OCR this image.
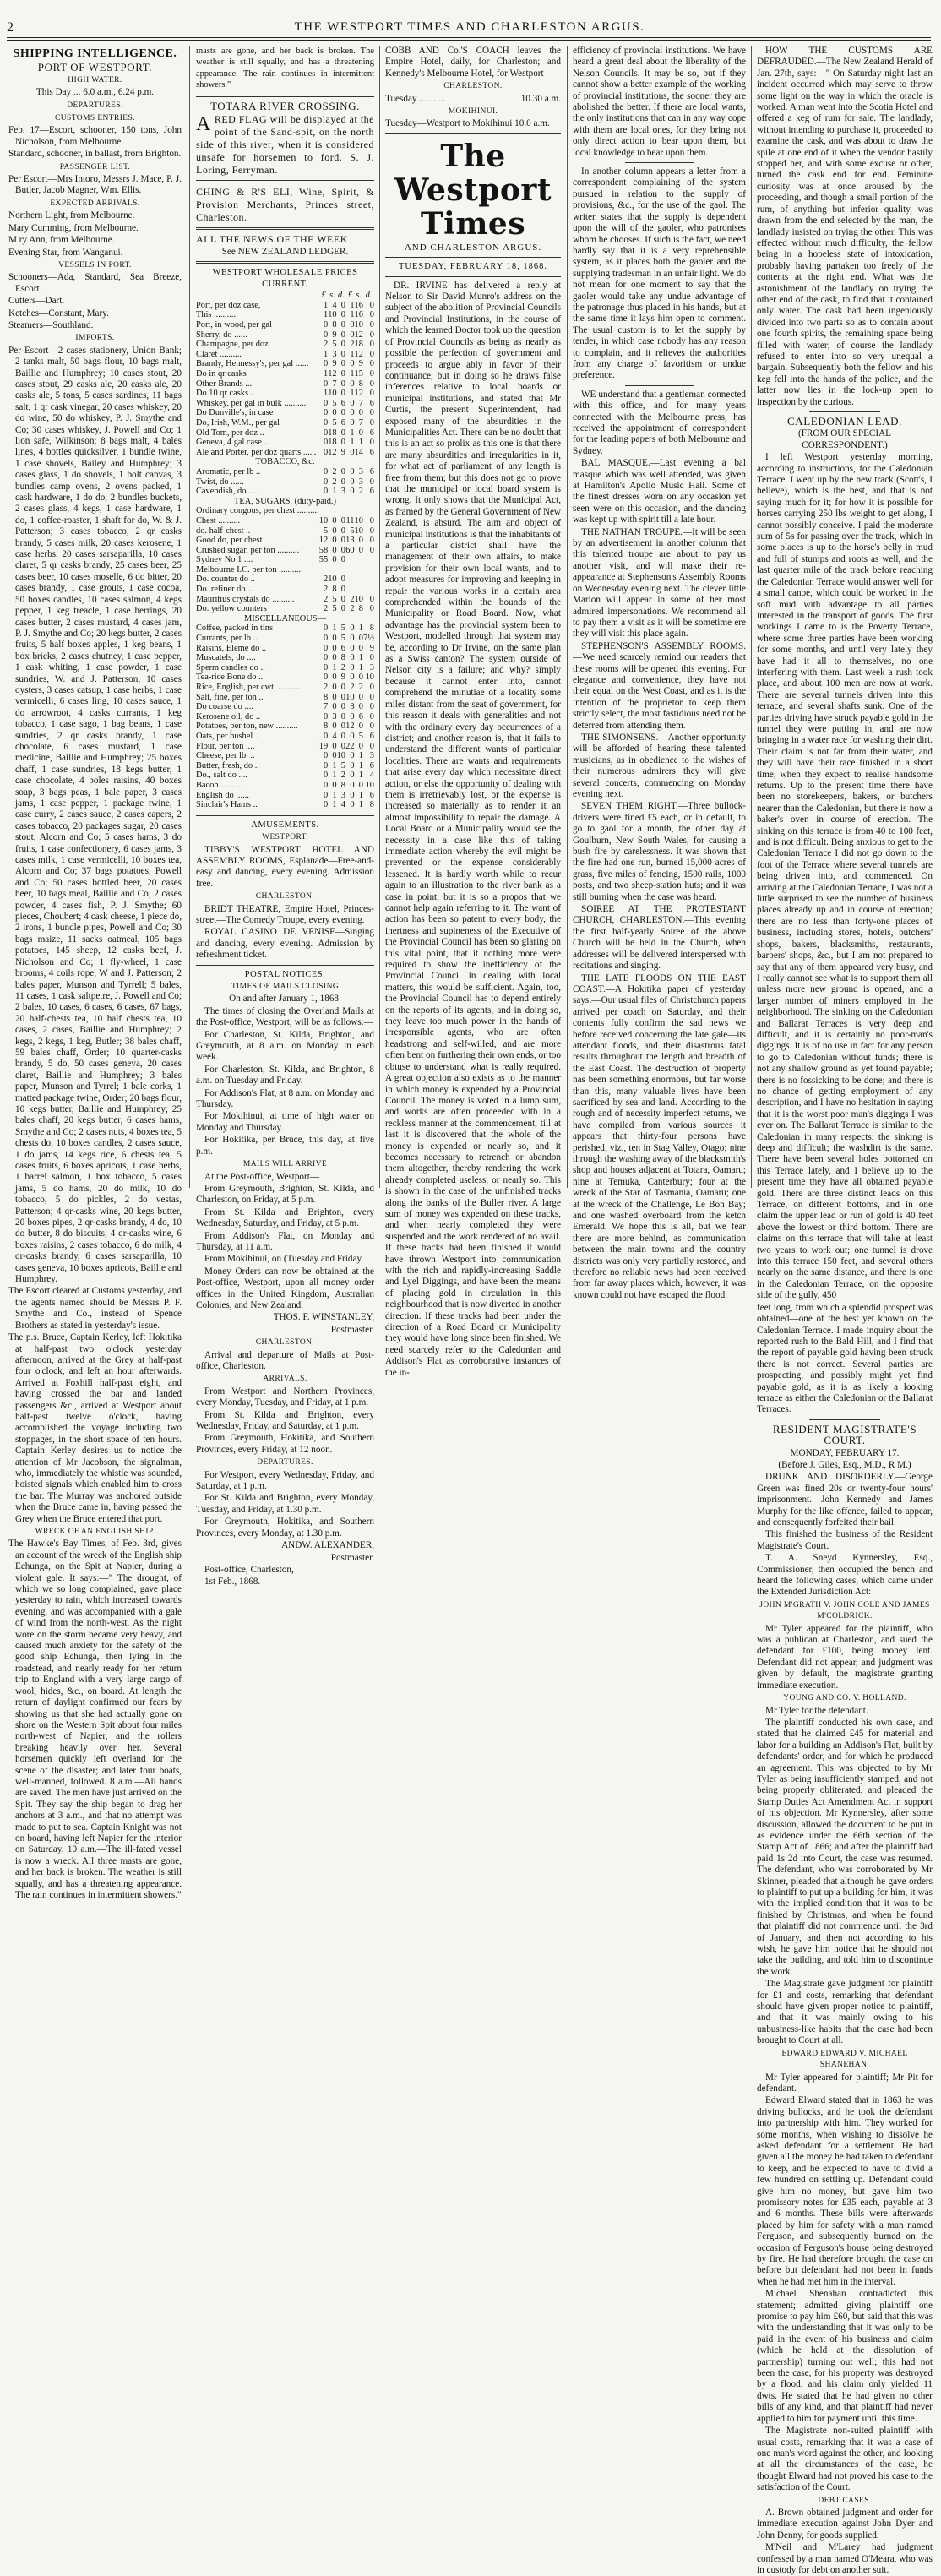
2	THE WESTPORT TIMES AND CHARLESTON ARGUS.
SHIPPING INTELLIGENCE.
PORT OF WESTPORT.
HIGH WATER.

This Day ... 6.0 a.m., 6.24 p.m.

DEPARTURES.
CUSTOMS ENTRIES.

Feb. 17—Escort, schooner, 150 tons, John Nicholson, from Melbourne.

Standard, schooner, in ballast, from Brighton.

PASSENGER LIST.

Per Escort—Mrs Intoro, Messrs J. Mace, P. J. Butler, Jacob Magner, Wm. Ellis.

EXPECTED ARRIVALS.

Northern Light, from Melbourne.

Mary Cumming, from Melbourne.

M ry Ann, from Melbourne.

Evening Star, from Wanganui.

VESSELS IN PORT.

Schooners—Ada, Standard, Sea Breeze, Escort.

Cutters—Dart.

Ketches—Constant, Mary.

Steamers—Southland.

IMPORTS.

Per Escort—2 cases stationery, Union Bank; 2 tanks malt, 50 bags flour, 10 bags malt, Baillie and Humphrey; 10 cases stout, 20 cases stout, 29 casks ale, 20 casks ale, 20 casks ale, 5 tons, 5 cases sardines, 11 bags salt, 1 qr cask vinegar, 20 cases whiskey, 20 do wine, 50 do whiskey, P. J. Smythe and Co; 30 cases whiskey, J. Powell and Co; 1 lion safe, Wilkinson; 8 bags malt, 4 bales lines, 4 bottles quicksilver, 1 bundle twine, 1 case shovels, Bailey and Humphrey; 3 cases glass, 1 do shovels, 1 bolt canvas, 3 bundles camp ovens, 2 ovens packed, 1 cask hardware, 1 do do, 2 bundles buckets, 2 cases glass, 4 kegs, 1 case hardware, 1 do, 1 coffee-roaster, 1 shaft for do, W. & J. Patterson; 3 cases tobacco, 2 qr casks brandy, 5 cases milk, 20 cases kerosene, 1 case herbs, 20 cases sarsaparilla, 10 cases claret, 5 qr casks brandy, 25 cases beer, 25 cases beer, 10 cases moselle, 6 do bitter, 20 cases brandy, 1 case grouts, 1 case cocoa, 50 boxes candles, 10 cases salmon, 4 kegs pepper, 1 keg treacle, 1 case herrings, 20 cases butter, 2 cases mustard, 4 cases jam, P. J. Smythe and Co; 20 kegs butter, 2 cases fruits, 5 half boxes apples, 1 keg beans, 1 box bricks, 2 cases chutney, 1 case pepper, 1 cask whiting, 1 case powder, 1 case sundries, W. and J. Patterson, 10 cases oysters, 3 cases catsup, 1 case herbs, 1 case vermicelli, 6 cases ling, 10 cases sauce, 1 do arrowroot, 4 casks currants, 1 keg tobacco, 1 case sago, 1 bag beans, 1 case sundries, 2 qr casks brandy, 1 case chocolate, 6 cases mustard, 1 case medicine, Baillie and Humphrey; 25 boxes chaff, 1 case sundries, 18 kegs butter, 1 case chocolate, 4 boles raisins, 40 boxes soap, 3 bags peas, 1 bale paper, 3 cases jams, 1 case pepper, 1 package twine, 1 case curry, 2 cases sauce, 2 cases capers, 2 cases tobacco, 20 packages sugar, 20 cases stout, Alcorn and Co; 5 cases hams, 3 do fruits, 1 case confectionery, 6 cases jams, 3 cases milk, 1 case vermicelli, 10 boxes tea, Alcorn and Co; 37 bags potatoes, Powell and Co; 50 cases bottled beer, 20 cases beer, 10 bags meal, Baillie and Co; 2 cases powder, 4 cases fish, P. J. Smythe; 60 pieces, Choubert; 4 cask cheese, 1 piece do, 2 irons, 1 bundle pipes, Powell and Co; 30 bags maize, 11 sacks oatmeal, 105 bags potatoes, 145 sheep, 12 casks beef, J. Nicholson and Co; 1 fly-wheel, 1 case brooms, 4 coils rope, W and J. Patterson; 2 bales paper, Munson and Tyrrell; 5 bales, 11 cases, 1 cask saltpetre, J. Powell and Co; 2 bales, 10 cases, 6 cases, 6 cases, 67 bags, 20 half-chests tea, 10 half chests tea, 10 cases, 2 cases, Baillie and Humphrey; 2 kegs, 2 kegs, 1 keg, Butler; 38 bales chaff, 59 bales chaff, Order; 10 quarter-casks brandy, 5 do, 50 cases genevа, 20 cases claret, Baillie and Humphrey; 3 bales paper, Munson and Tyrrel; 1 bale corks, 1 matted package twine, Order; 20 bags flour, 10 kegs butter, Baillie and Humphrey; 25 bales chaff, 20 kegs butter, 6 cases hams, Smythe and Co; 2 cases nuts, 4 boxes tea, 5 chests do, 10 boxes candles, 2 cases sauce, 1 do jams, 14 kegs rice, 6 chests tea, 5 cases fruits, 6 boxes apricots, 1 case herbs, 1 barrel salmon, 1 box tobacco, 5 cases jams, 5 do hams, 20 do milk, 10 do tobacco, 5 do pickles, 2 do vestas, Patterson; 4 qr-casks wine, 20 kegs butter, 20 boxes pipes, 2 qr-casks brandy, 4 do, 10 do butter, 8 do biscuits, 4 qr-casks wine, 6 boxes raisins, 2 cases tobacco, 6 do milk, 4 qr-casks brandy, 6 cases sarsaparilla, 10 cases geneva, 10 boxes apricots, Baillie and Humphrey.

The Escort cleared at Customs yesterday, and the agents named should be Messrs P. F. Smythe and Co., instead of Spence Brothers as stated in yesterday's issue.

The p.s. Bruce, Captain Kerley, left Hokitika at half-past two o'clock yesterday afternoon, arrived at the Grey at half-past four o'clock, and left an hour afterwards. Arrived at Foxhill half-past eight, and having crossed the bar and landed passengers &c., arrived at Westport about half-past twelve o'clock, having accomplished the voyage including two stoppages, in the short space of ten hours. Captain Kerley desires us to notice the attention of Mr Jacobson, the signalman, who, immediately the whistle was sounded, hoisted signals which enabled him to cross the bar. The Murray was anchored outside when the Bruce came in, having passed the Grey when the Bruce entered that port.

WRECK OF AN ENGLISH SHIP.

The Hawke's Bay Times, of Feb. 3rd, gives an account of the wreck of the English ship Echunga, on the Spit at Napier, during a violent gale. It says:—" The drought, of which we so long complained, gave place yesterday to rain, which increased towards evening, and was accompanied with a gale of wind from the north-west. As the night wore on the storm became very heavy, and caused much anxiety for the safety of the good ship Echunga, then lying in the roadstead, and nearly ready for her return trip to England with a very large cargo of wool, hides, &c., on board. At length the return of daylight confirmed our fears by showing us that she had actually gone on shore on the Western Spit about four miles north-west of Napier, and the rollers breaking heavily over her. Several horsemen quickly left overland for the scene of the disaster; and later four boats, well-manned, followed. 8 a.m.—All hands are saved. The men have just arrived on the Spit. They say the ship began to drag her anchors at 3 a.m., and that no attempt was made to put to sea. Captain Knight was not on board, having left Napier for the interior on Saturday. 10 a.m.—The ill-fated vessel is now a wreck. All three masts are gone, and her back is broken. The weather is still squally, and has a threatening appearance. The rain continues in intermittent showers."

masts are gone, and her back is broken. The weather is still squally, and has a threatening appearance. The rain continues in intermittent showers."

TOTARA RIVER CROSSING.

ARED FLAG will be displayed at the point of the Sand-spit, on the north side of this river, when it is considered unsafe for horsemen to ford. S. J. Loring, Ferryman.

CHING & R'S ELI, Wine, Spirit, & Provision Merchants, Princes street, Charleston.

ALL THE NEWS OF THE WEEK

See NEW ZEALAND LEDGER.

WESTPORT WHOLESALE PRICES CURRENT.
	£	s.	d.		£	s.	d.
Port, per doz case,	1	4	0		1	16	0
This ..........	1	10	0		1	16	0
Port, in wood, per gal	0	8	0		0	10	0
Sherry, do ......	0	9	0		0	12	0
Champagne, per doz	2	5	0		2	18	0
Claret ..........	1	3	0		1	12	0
Brandy, Hennessy's, per gal ......	0	9	0		0	9	0
Do in qr casks	1	12	0		1	15	0
Other Brands ....	0	7	0		0	8	0
Do 10 qr casks ..	1	10	0		1	12	0
Whiskey, per gal in bulk ..........	0	5	6		0	7	6
Do Dunville's, in case	0	0	0		0	0	0
Do, Irish, W.M., per gal	0	5	6		0	7	0
Old Tom, per doz ..	0	18	0		1	0	6
Geneva, 4 gal case ..	0	18	0		1	1	0
Ale and Porter, per doz quarts ......	0	12	9		0	14	6
TOBACCO, &c.						
Aromatic, per lb ..	0	2	0		0	3	6
Twist, do ......	0	2	0		0	3	0
Cavendish, do ....	0	1	3		0	2	6
TEA, SUGARS, (duty-paid.)						
Ordinary congous, per chest ..........							
Chest ..........	10	0	0		11	10	0
do. half-chest ..	5	0	0		5	10	0
Good do, per chest	12	0	0		13	0	0
Crushed sugar, per ton ..........	58	0	0		60	0	0
Sydney No 1 ....	55	0	0				
Melbourne I.C. per ton ..........							
Do. counter do ..	2	10	0				
Do. refiner do ..	2	8	0				
Mauritius crystals do ..........	2	5	0		2	10	0
Do. yellow counters	2	5	0		2	8	0
MISCELLANEOUS—						
Coffee, packed in tins	0	1	5		0	1	8
Currants, per lb ..	0	0	5		0	0	7½
Raisins, Eleme do ..	0	0	6		0	0	9
Muscatels, do ....	0	0	8		0	1	0
Sperm candles do ..	0	1	2		0	1	3
Tea-rice Bone do ..	0	0	9		0	0	10
Rice, English, per cwt. ..........	2	0	0		2	2	0
Salt, fine, per ton ..	8	0	0		10	0	0
Do coarse do ....	7	0	0		8	0	0
Kerosene oil, do ..	0	3	0		0	6	0
Potatoes, per ton, new ..........	8	0	0		12	0	0
Oats, per bushel ..	0	4	0		0	5	6
Flour, per ton ....	19	0	0		22	0	0
Cheese, per lb. ..	0	0	10		0	1	3
Butter, fresh, do ..	0	1	5		0	1	6
Do., salt do ....	0	1	2		0	1	4
Bacon ..........	0	0	8		0	0	10
English do ......	0	1	3		0	1	6
Sinclair's Hams ..	0	1	4		0	1	8
AMUSEMENTS.
WESTPORT.

TIBBY'S WESTPORT HOTEL AND ASSEMBLY ROOMS, Esplanade—Free-and-easy and dancing, every evening. Admission free.

CHARLESTON.

BRIDT THEATRE, Empire Hotel, Princes-street—The Comedy Troupe, every evening.

ROYAL CASINO DE VENISE—Singing and dancing, every evening. Admission by refreshment ticket.

POSTAL NOTICES.
TIMES OF MAILS CLOSING

On and after January 1, 1868.

The times of closing the Overland Mails at the Post-office, Westport, will be as follows:—

For Charleston, St. Kilda, Brighton, and Greymouth, at 8 a.m. on Monday in each week.

For Charleston, St. Kilda, and Brighton, 8 a.m. on Tuesday and Friday.

For Addison's Flat, at 8 a.m. on Monday and Thursday.

For Mokihinui, at time of high water on Monday and Thursday.

For Hokitika, per Bruce, this day, at five p.m.

MAILS WILL ARRIVE

At the Post-office, Westport—

From Greymouth, Brighton, St. Kilda, and Charleston, on Friday, at 5 p.m.

From St. Kilda and Brighton, every Wednesday, Saturday, and Friday, at 5 p.m.

From Addison's Flat, on Monday and Thursday, at 11 a.m.

From Mokihinui, on (Tuesday and Friday.

Money Orders can now be obtained at the Post-office, Westport, upon all money order offices in the United Kingdom, Australian Colonies, and New Zealand.

THOS. F. WINSTANLEY,

Postmaster.

CHARLESTON.

Arrival and departure of Mails at Post-office, Charleston.

ARRIVALS.

From Westport and Northern Provinces, every Monday, Tuesday, and Friday, at 1 p.m.

From St. Kilda and Brighton, every Wednesday, Friday, and Saturday, at 1 p.m.

From Greymouth, Hokitika, and Southern Provinces, every Friday, at 12 noon.

DEPARTURES.

For Westport, every Wednesday, Friday, and Saturday, at 1 p.m.

For St. Kilda and Brighton, every Monday, Tuesday, and Friday, at 1.30 p.m.

For Greymouth, Hokitika, and Southern Provinces, every Monday, at 1.30 p.m.

ANDW. ALEXANDER,

Postmaster.

Post-office, Charleston,

1st Feb., 1868.

COBB AND Co.'S COACH leaves the Empire Hotel, daily, for Charleston; and Kennedy's Melbourne Hotel, for Westport—

CHARLESTON.
Tuesday ... ... ...	10.30 a.m.
MOKIHINUI.

Tuesday—Westport to Mokihinui 10.0 a.m.

The Westport Times
AND CHARLESTON ARGUS.
TUESDAY, FEBRUARY 18, 1868.

DR. IRVINE has delivered a reply at Nelson to Sir David Munro's address on the subject of the abolition of Provincial Councils and Provincial Institutions, in the course of which the learned Doctor took up the question of Provincial Councils as being as nearly as possible the perfection of government and proceeds to argue ably in favor of their continuance, but in doing so he draws false inferences relative to local boards or municipal institutions, and stated that Mr Curtis, the present Superintendent, had exposed many of the absurdities in the Municipalities Act. There can be no doubt that this is an act so prolix as this one is that there are many absurdities and irregularities in it, for what act of parliament of any length is free from them; but this does not go to prove that the municipal or local board system is wrong. It only shows that the Municipal Act, as framed by the General Government of New Zealand, is absurd. The aim and object of municipal institutions is that the inhabitants of a particular district shall have the management of their own affairs, to make provision for their own local wants, and to adopt measures for improving and keeping in repair the various works in a certain area comprehended within the bounds of the Municipality or Road Board. Now, what advantage has the provincial system been to Westport, modelled through that system may be, according to Dr Irvine, on the same plan as a Swiss canton? The system outside of Nelson city is a failure; and why? simply because it cannot enter into, cannot comprehend the minutiae of a locality some miles distant from the seat of government, for this reason it deals with generalities and not with the ordinary every day occurrences of a district; and another reason is, that it fails to understand the different wants of particular localities. There are wants and requirements that arise every day which necessitate direct action, or else the opportunity of dealing with them is irretrievably lost, or the expense is increased so materially as to render it an almost impossibility to repair the damage. A Local Board or a Municipality would see the necessity in a case like this of taking immediate action whereby the evil might be prevented or the expense considerably lessened. It is hardly worth while to recur again to an illustration to the river bank as a case in point, but it is so a propos that we cannot help again referring to it. The want of action has been so patent to every body, the inertness and supineness of the Executive of the Provincial Council has been so glaring on this vital point, that it nothing more were required to show the inefficiency of the Provincial Council in dealing with local matters, this would be sufficient. Again, too, the Provincial Council has to depend entirely on the reports of its agents, and in doing so, they leave too much power in the hands of irresponsible agents, who are often headstrong and self-willed, and are more often bent on furthering their own ends, or too obtuse to understand what is really required. A great objection also exists as to the manner in which money is expended by a Provincial Council. The money is voted in a lump sum, and works are often proceeded with in a reckless manner at the commencement, till at last it is discovered that the whole of the money is expended or nearly so, and it becomes necessary to retrench or abandon them altogether, thereby rendering the work already completed useless, or nearly so. This is shown in the case of the unfinished tracks along the banks of the Buller river. A large sum of money was expended on these tracks, and when nearly completed they were suspended and the work rendered of no avail. If these tracks had been finished it would have thrown Westport into communication with the rich and rapidly-increasing Saddle and Lyel Diggings, and have been the means of placing gold in circulation in this neighbourhood that is now diverted in another direction. If these tracks had been under the direction of a Road Board or Municipality they would have long since been finished. We need scarcely refer to the Caledonian and Addison's Flat as corroborative instances of the in-

HOW THE CUSTOMS ARE DEFRAUDED.—The New Zealand Herald of Jan. 27th, says:—" On Saturday night last an incident occurred which may serve to throw some light on the way in which the oracle is worked. A man went into the Scotia Hotel and offered a keg of rum for sale. The landlady, without intending to purchase it, proceeded to examine the cask, and was about to draw the spile at one end of it when the vendor hastily stopped her, and with some excuse or other, turned the cask end for end. Feminine curiosity was at once aroused by the proceeding, and though a small portion of the rum, of anything but inferior quality, was drawn from the end selected by the man, the landlady insisted on trying the other. This was effected without much difficulty, the fellow being in a hopeless state of intoxication, probably having partaken too freely of the contents at the right end. What was the astonishment of the landlady on trying the other end of the cask, to find that it contained only water. The cask had been ingeniously divided into two parts so as to contain about one fourth spirits, the remaining space being filled with water; of course the landlady refused to enter into so very unequal a bargain. Subsequently both the fellow and his keg fell into the hands of the police, and the latter now lies in the lock-up open to inspection by the curious.

CALEDONIAN LEAD.

(FROM OUR SPECIAL CORRESPONDENT.)

I left Westport yesterday morning, according to instructions, for the Caledonian Terrace. I went up by the new track (Scott's, I believe), which is the best, and that is not saying much for it; for how it is possible for horses carrying 250 lbs weight to get along, I cannot possibly conceive. I paid the moderate sum of 5s for passing over the track, which in some places is up to the horse's belly in mud and full of stumps and roots as well, and the last quarter mile of the track before reaching the Caledonian Terrace would answer well for a small canoe, which could be worked in the soft mud with advantage to all parties interested in the transport of goods. The first workings I came to is the Poverty Terrace, where some three parties have been working for some months, and until very lately they have had it all to themselves, no one interfering with them. Last week a rush took place, and about 100 men are now at work. There are several tunnels driven into this terrace, and several shafts sunk. One of the parties driving have struck payable gold in the tunnel they were putting in, and are now bringing in a water race for washing their dirt. Their claim is not far from their water, and they will have their race finished in a short time, when they expect to realise handsome returns. Up to the present time there have been no storekeepers, bakers, or butchers nearer than the Caledonian, but there is now a baker's oven in course of erection. The sinking on this terrace is from 40 to 100 feet, and is not difficult. Being anxious to get to the Caledonian Terrace I did not go down to the foot of the Terrace where several tunnels are being driven into, and commenced. On arriving at the Caledonian Terrace, I was not a little surprised to see the number of business places already up and in course of erection; there are no less than forty-one places of business, including stores, hotels, butchers' shops, bakers, blacksmiths, restaurants, barbers' shops, &c., but I am not prepared to say that any of them appeared very busy, and I really cannot see what is to support them all unless more new ground is opened, and a larger number of miners employed in the neighborhood. The sinking on the Caledonian and Ballarat Terraces is very deep and difficult, and it is certainly no poor-man's diggings. It is of no use in fact for any person to go to Caledonian without funds; there is not any shallow ground as yet found payable; there is no fossicking to be done; and there is no chance of getting employment of any description, and I have no hesitation in saying that it is the worst poor man's diggings I was ever on. The Ballarat Terrace is similar to the Caledonian in many respects; the sinking is deep and difficult; the washdirt is the same. There have been several holes bottomed on this Terrace lately, and I believe up to the present time they have all obtained payable gold. There are three distinct leads on this Terrace, on different bottoms, and in one claim the upper lead or run of gold is 40 feet above the lowest or third bottom. There are claims on this terrace that will take at least two years to work out; one tunnel is drove into this terrace 150 feet, and several others nearly on the same distance, and there is one in the Caledonian Terrace, on the opposite side of the gully, 450

feet long, from which a splendid prospect was obtained—one of the best yet known on the Caledonian Terrace. I made inquiry about the reported rush to the Bald Hill, and I find that the report of payable gold having been struck there is not correct. Several parties are prospecting, and possibly might yet find payable gold, as it is as likely a looking terrace as either the Caledonian or the Ballarat Terraces.

RESIDENT MAGISTRATE'S COURT.

MONDAY, FEBRUARY 17.

(Before J. Giles, Esq., M.D., R M.)

DRUNK AND DISORDERLY.—George Green was fined 20s or twenty-four hours' imprisonment.—John Kennedy and James Murphy for the like offence, failed to appear, and consequently forfeited their bail.

This finished the business of the Resident Magistrate's Court.

T. A. Sneyd Kynnersley, Esq., Commissioner, then occupied the bench and heard the following cases, which came under the Extended Jurisdiction Act:

JOHN M'GRATH V. JOHN COLE AND JAMES M'COLDRICK.

Mr Tyler appeared for the plaintiff, who was a publican at Charleston, and sued the defendant for £100, being money lent. Defendant did not appear, and judgment was given by default, the magistrate granting immediate execution.

YOUNG AND CO. V. HOLLAND.

Mr Tyler for the defendant.

The plaintiff conducted his own case, and stated that he claimed £45 for material and labor for a building an Addison's Flat, built by defendants' order, and for which he produced an agreement. This was objected to by Mr Tyler as being insufficiently stamped, and not being properly obliterated, and pleaded the Stamp Duties Act Amendment Act in support of his objection. Mr Kynnersley, after some discussion, allowed the document to be put in as evidence under the 66th section of the Stamp Act of 1866; and after the plaintiff had paid 1s 2d into Court, the case was resumed. The defendant, who was corroborated by Mr Skinner, pleaded that although he gave orders to plaintiff to put up a building for him, it was with the implied condition that it was to be finished by Christmas, and when he found that plaintiff did not commence until the 3rd of January, and then not according to his wish, he gave him notice that he should not take the building, and told him to discontinue the work.

The Magistrate gave judgment for plaintiff for £1 and costs, remarking that defendant should have given proper notice to plaintiff, and that it was mainly owing to his unbusiness-like habits that the case had been brought to Court at all.

EDWARD EDWARD V. MICHAEL SHANEHAN.

Mr Tyler appeared for plaintiff; Mr Pit for defendant.

Edward Elward stated that in 1863 he was driving bullocks, and he took the defendant into partnership with him. They worked for some months, when wishing to dissolve he asked defendant for a settlement. He had given all the money he had taken to defendant to keep, and he expected to have to divid a few hundred on settling up. Defendant could give him no money, but gave him two promissory notes for £35 each, payable at 3 and 6 months. These bills were afterwards placed by him for safety with a man named Ferguson, and subsequently burned on the occasion of Ferguson's house being destroyed by fire. He had therefore brought the case on before but defendant had not been in funds when he had met him in the interval.

Michael Shenahan contradicted this statement; admitted giving plaintiff one promise to pay him £60, but said that this was with the understanding that it was only to be paid in the event of his business and claim (which he held at the dissolution of partnership) turning out well; this had not been the case, for his property was destroyed by a flood, and his claim only yielded 11 dwts. He stated that he had given no other bills of any kind, and that plaintiff had never applied to him for payment until this time.

The Magistrate non-suited plaintiff with usual costs, remarking that it was a case of one man's word against the other, and looking at all the circumstances of the case, he thought Elward had not proved his case to the satisfaction of the Court.

DEBT CASES.

A. Brown obtained judgment and order for immediate execution against John Dyer and John Denny, for goods supplied.

M'Neil and M'Larey had judgment confessed by a man named O'Meara, who was in custody for debt on another suit.

efficiency of provincial institutions. We have heard a great deal about the liberality of the Nelson Councils. It may be so, but if they cannot show a better example of the working of provincial institutions, the sooner they are abolished the better. If there are local wants, the only institutions that can in any way cope with them are local ones, for they bring not only direct action to bear upon them, but local knowledge to bear upon them.

In another column appears a letter from a correspondent complaining of the system pursued in relation to the supply of provisions, &c., for the use of the gaol. The writer states that the supply is dependent upon the will of the gaoler, who patronises whom he chooses. If such is the fact, we need hardly say that it is a very reprehensible system, as it places both the gaoler and the supplying tradesman in an unfair light. We do not mean for one moment to say that the gaoler would take any undue advantage of the patronage thus placed in his hands, but at the same time it lays him open to comment. The usual custom is to let the supply by tender, in which case nobody has any reason to complain, and it relieves the authorities from any charge of favoritism or undue preference.

WE understand that a gentleman connected with this office, and for many years connected with the Melbourne press, has received the appointment of correspondent for the leading papers of both Melbourne and Sydney.

BAL MASQUE.—Last evening a bal masque which was well attended, was given at Hamilton's Apollo Music Hall. Some of the finest dresses worn on any occasion yet seen were on this occasion, and the dancing was kept up with spirit till a late hour.

THE NATHAN TROUPE.—It will be seen by an advertisement in another column that this talented troupe are about to pay us another visit, and will make their re-appearance at Stephenson's Assembly Rooms on Wednesday evening next. The clever little Marion will appear in some of her most admired impersonations. We recommend all to pay them a visit as it will be sometime ere they will visit this place again.

STEPHENSON'S ASSEMBLY ROOMS.—We need scarcely remind our readers that these rooms will be opened this evening. For elegance and convenience, they have not their equal on the West Coast, and as it is the intention of the proprietor to keep them strictly select, the most fastidious need not be deterred from attending them.

THE SIMONSENS.—Another opportunity will be afforded of hearing these talented musicians, as in obedience to the wishes of their numerous admirers they will give several concerts, commencing on Monday evening next.

SEVEN THEM RIGHT.—Three bullock-drivers were fined £5 each, or in default, to go to gaol for a month, the other day at Goulburn, New South Wales, for causing a bush fire by carelessness. It was shown that the fire had one run, burned 15,000 acres of grass, five miles of fencing, 1500 rails, 1000 posts, and two sheep-station huts; and it was still burning when the case was heard.

SOIREE AT THE PROTESTANT CHURCH, CHARLESTON.—This evening the first half-yearly Soiree of the above Church will be held in the Church, when addresses will be delivered interspersed with recitations and singing.

THE LATE FLOODS ON THE EAST COAST.—A Hokitika paper of yesterday says:—Our usual files of Christchurch papers arrived per coach on Saturday, and their contents fully confirm the sad news we before received concerning the late gale—its attendant floods, and their disastrous fatal results throughout the length and breadth of the East Coast. The destruction of property has been something enormous, but far worse than this, many valuable lives have been sacrificed by sea and land. According to the rough and of necessity imperfect returns, we have compiled from various sources it appears that thirty-four persons have perished, viz., ten in Stag Valley, Otago; nine through the washing away of the blacksmith's shop and houses adjacent at Totara, Oamaru; nine at Temuka, Canterbury; four at the wreck of the Star of Tasmania, Oamaru; one at the wreck of the Challenge, Le Bon Bay; and one washed overboard from the ketch Emerald. We hope this is all, but we fear there are more behind, as communication between the main towns and the country districts was only very partially restored, and therefore no reliable news had been received from far away places which, however, it was known could not have escaped the flood.
